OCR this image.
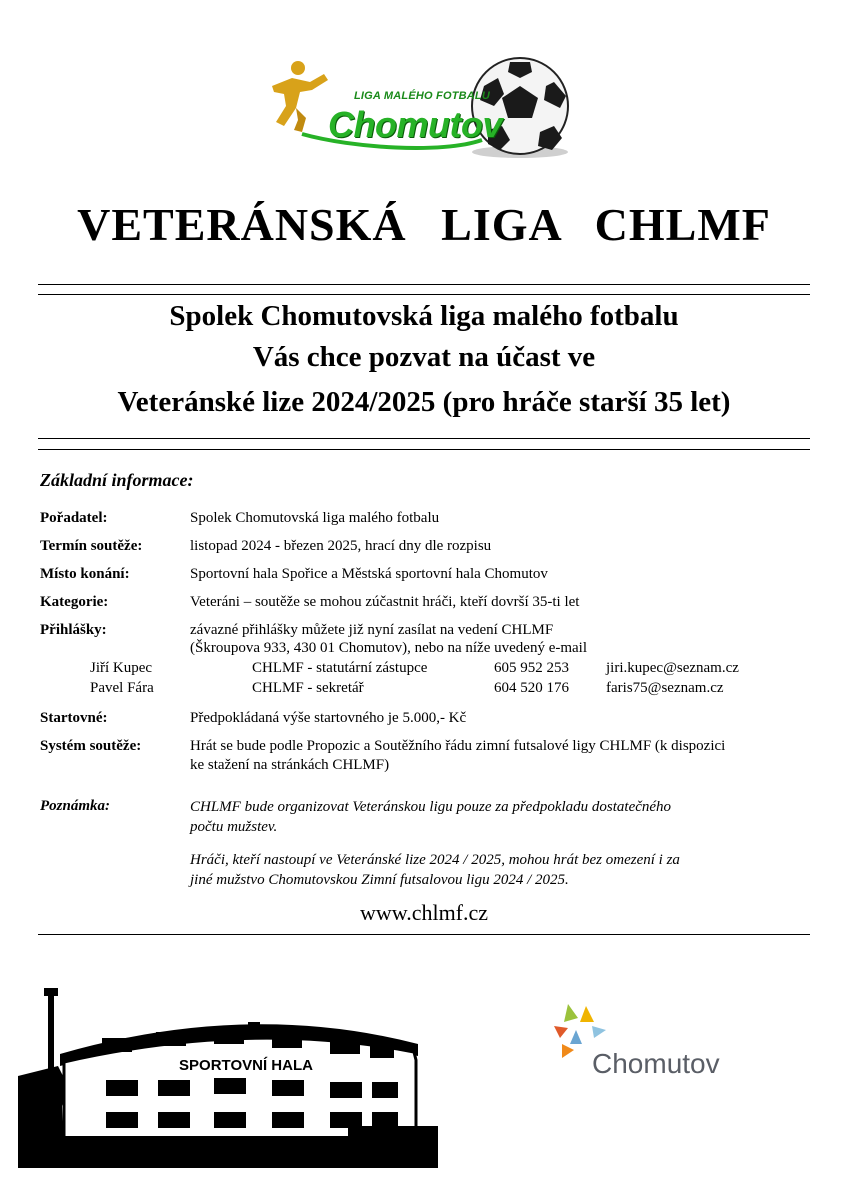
LIGA MALÉHO FOTBALU
Chomutov
VETERÁNSKÁ LIGA CHLMF
Spolek Chomutovská liga malého fotbalu
Vás chce pozvat na účast ve
Veteránské lize 2024/2025 (pro hráče starší 35 let)
Základní informace:
Pořadatel:	Spolek Chomutovská liga malého fotbalu
Termín soutěže:	listopad 2024 - březen 2025, hrací dny dle rozpisu
Místo konání:	Sportovní hala Spořice a Městská sportovní hala Chomutov
Kategorie:	Veteráni – soutěže se mohou zúčastnit hráči, kteří dovrší 35-ti let
Přihlášky:	závazné přihlášky můžete již nyní zasílat na vedení CHLMF
(Škroupova 933, 430 01 Chomutov), nebo na níže uvedený e-mail
Jiří Kupec	CHLMF - statutární zástupce	605 952 253 jiri.kupec@seznam.cz
Pavel Fára	CHLMF - sekretář	604 520 176 faris75@seznam.cz
Startovné:	Předpokládaná výše startovného je 5.000,- Kč
Systém soutěže:	Hrát se bude podle Propozic a Soutěžního řádu zimní futsalové ligy CHLMF (k dispozici
ke stažení na stránkách CHLMF)
Poznámka:	CHLMF bude organizovat Veteránskou ligu pouze za předpokladu dostatečného
počtu mužstev.
Hráči, kteří nastoupí ve Veteránské lize 2024 / 2025, mohou hrát bez omezení i za
jiné mužstvo Chomutovskou Zimní futsalovou ligu 2024 / 2025.
www.chlmf.cz
SPORTOVNÍ HALA	Chomutov
